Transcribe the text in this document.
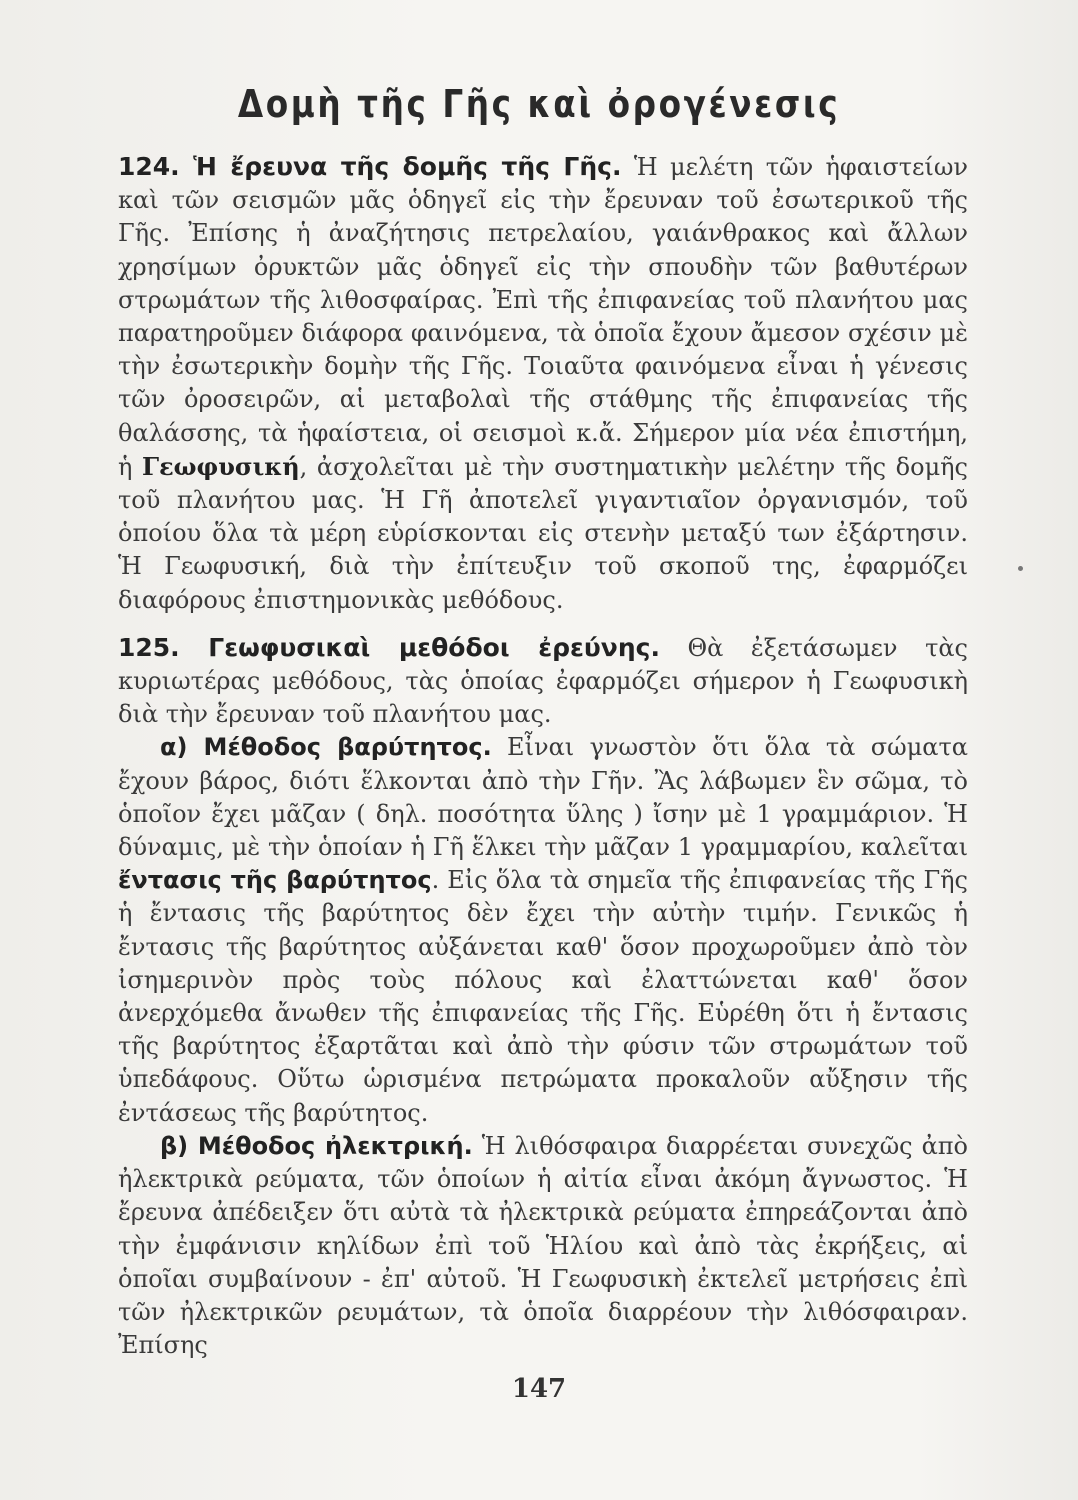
Δομὴ τῆς Γῆς καὶ ὀρογένεσις

124. Ἡ ἔρευνα τῆς δομῆς τῆς Γῆς. Ἡ μελέτη τῶν ἡφαιστείων καὶ τῶν σεισμῶν μᾶς ὁδηγεῖ εἰς τὴν ἔρευναν τοῦ ἐσωτερικοῦ τῆς Γῆς. Ἐπίσης ἡ ἀναζήτησις πετρελαίου, γαιάνθρακος καὶ ἄλλων χρησίμων ὀρυκτῶν μᾶς ὁδηγεῖ εἰς τὴν σπουδὴν τῶν βαθυτέρων στρωμάτων τῆς λιθοσφαίρας. Ἐπὶ τῆς ἐπιφανείας τοῦ πλανήτου μας παρατηροῦμεν διάφορα φαινόμενα, τὰ ὁποῖα ἔχουν ἄμεσον σχέσιν μὲ τὴν ἐσωτερικὴν δομὴν τῆς Γῆς. Τοιαῦτα φαινόμενα εἶναι ἡ γένεσις τῶν ὀροσειρῶν, αἱ μεταβολαὶ τῆς στάθμης τῆς ἐπιφανείας τῆς θαλάσσης, τὰ ἡφαίστεια, οἱ σεισμοὶ κ.ἄ. Σήμερον μία νέα ἐπιστήμη, ἡ Γεωφυσική, ἀσχολεῖται μὲ τὴν συστηματικὴν μελέτην τῆς δομῆς τοῦ πλανήτου μας. Ἡ Γῆ ἀποτελεῖ γιγαντιαῖον ὀργανισμόν, τοῦ ὁποίου ὅλα τὰ μέρη εὑρίσκονται εἰς στενὴν μεταξύ των ἐξάρτησιν. Ἡ Γεωφυσική, διὰ τὴν ἐπίτευξιν τοῦ σκοποῦ της, ἐφαρμόζει διαφόρους ἐπιστημονικὰς μεθόδους.

125. Γεωφυσικαὶ μεθόδοι ἐρεύνης. Θὰ ἐξετάσωμεν τὰς κυριωτέρας μεθόδους, τὰς ὁποίας ἐφαρμόζει σήμερον ἡ Γεωφυσικὴ διὰ τὴν ἔρευναν τοῦ πλανήτου μας.

α) Μέθοδος βαρύτητος. Εἶναι γνωστὸν ὅτι ὅλα τὰ σώματα ἔχουν βάρος, διότι ἕλκονται ἀπὸ τὴν Γῆν. Ἂς λάβωμεν ἓν σῶμα, τὸ ὁποῖον ἔχει μᾶζαν ( δηλ. ποσότητα ὕλης ) ἴσην μὲ 1 γραμμάριον. Ἡ δύναμις, μὲ τὴν ὁποίαν ἡ Γῆ ἕλκει τὴν μᾶζαν 1 γραμμαρίου, καλεῖται ἔντασις τῆς βαρύτητος. Εἰς ὅλα τὰ σημεῖα τῆς ἐπιφανείας τῆς Γῆς ἡ ἔντασις τῆς βαρύτητος δὲν ἔχει τὴν αὐτὴν τιμήν. Γενικῶς ἡ ἔντασις τῆς βαρύτητος αὐξάνεται καθ' ὅσον προχωροῦμεν ἀπὸ τὸν ἰσημερινὸν πρὸς τοὺς πόλους καὶ ἐλαττώνεται καθ' ὅσον ἀνερχόμεθα ἄνωθεν τῆς ἐπιφανείας τῆς Γῆς. Εὑρέθη ὅτι ἡ ἔντασις τῆς βαρύτητος ἐξαρτᾶται καὶ ἀπὸ τὴν φύσιν τῶν στρωμάτων τοῦ ὑπεδάφους. Οὕτω ὡρισμένα πετρώματα προκαλοῦν αὔξησιν τῆς ἐντάσεως τῆς βαρύτητος.

β) Μέθοδος ἠλεκτρική. Ἡ λιθόσφαιρα διαρρέεται συνεχῶς ἀπὸ ἠλεκτρικὰ ρεύματα, τῶν ὁποίων ἡ αἰτία εἶναι ἀκόμη ἄγνωστος. Ἡ ἔρευνα ἀπέδειξεν ὅτι αὐτὰ τὰ ἠλεκτρικὰ ρεύματα ἐπηρεάζονται ἀπὸ τὴν ἐμφάνισιν κηλίδων ἐπὶ τοῦ Ἡλίου καὶ ἀπὸ τὰς ἐκρήξεις, αἱ ὁποῖαι συμβαίνουν - ἐπ' αὐτοῦ. Ἡ Γεωφυσικὴ ἐκτελεῖ μετρήσεις ἐπὶ τῶν ἠλεκτρικῶν ρευμάτων, τὰ ὁποῖα διαρρέουν τὴν λιθόσφαιραν. Ἐπίσης

147
